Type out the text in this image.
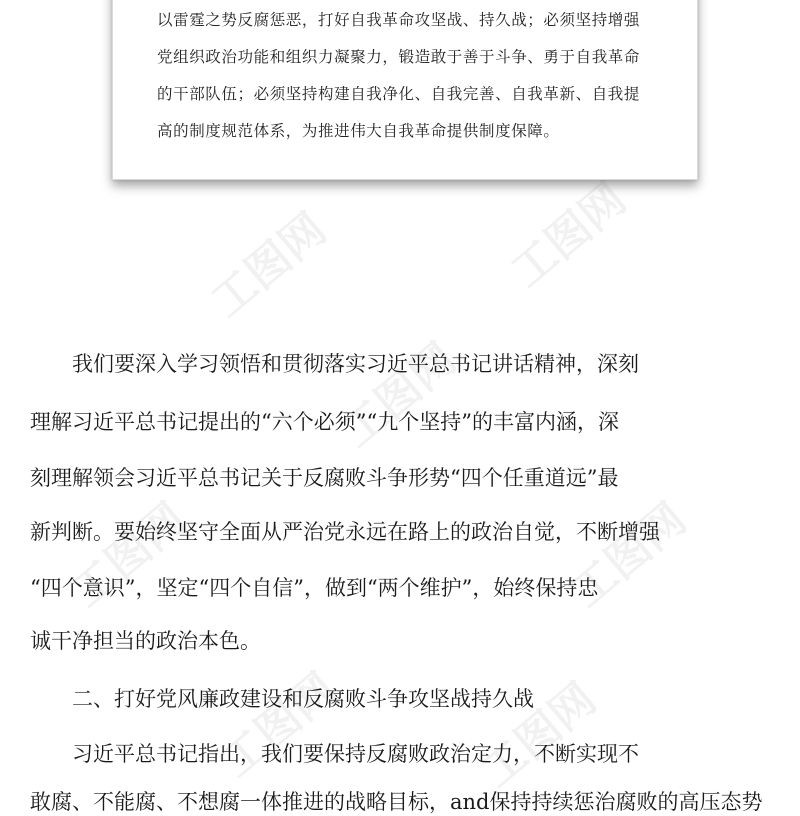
工图网
工图网
工图网
工图网	工图网
工图网	工图网
以雷霆之势反腐惩恶，打好自我革命攻坚战、持久战；必须坚持增强
党组织政治功能和组织力凝聚力，锻造敢于善于斗争、勇于自我革命
的干部队伍；必须坚持构建自我净化、自我完善、自我革新、自我提
高的制度规范体系，为推进伟大自我革命提供制度保障。
　　我们要深入学习领悟和贯彻落实习近平总书记讲话精神，深刻
理解习近平总书记提出的“六个必须”“九个坚持”的丰富内涵，深
刻理解领会习近平总书记关于反腐败斗争形势“四个任重道远”最
新判断。要始终坚守全面从严治党永远在路上的政治自觉，不断增强
“四个意识”，坚定“四个自信”，做到“两个维护”，始终保持忠
诚干净担当的政治本色。
　　二、打好党风廉政建设和反腐败斗争攻坚战持久战
　　习近平总书记指出，我们要保持反腐败政治定力，不断实现不
敢腐、不能腐、不想腐一体推进的战略目标，and保持持续惩治腐败的高压态势
